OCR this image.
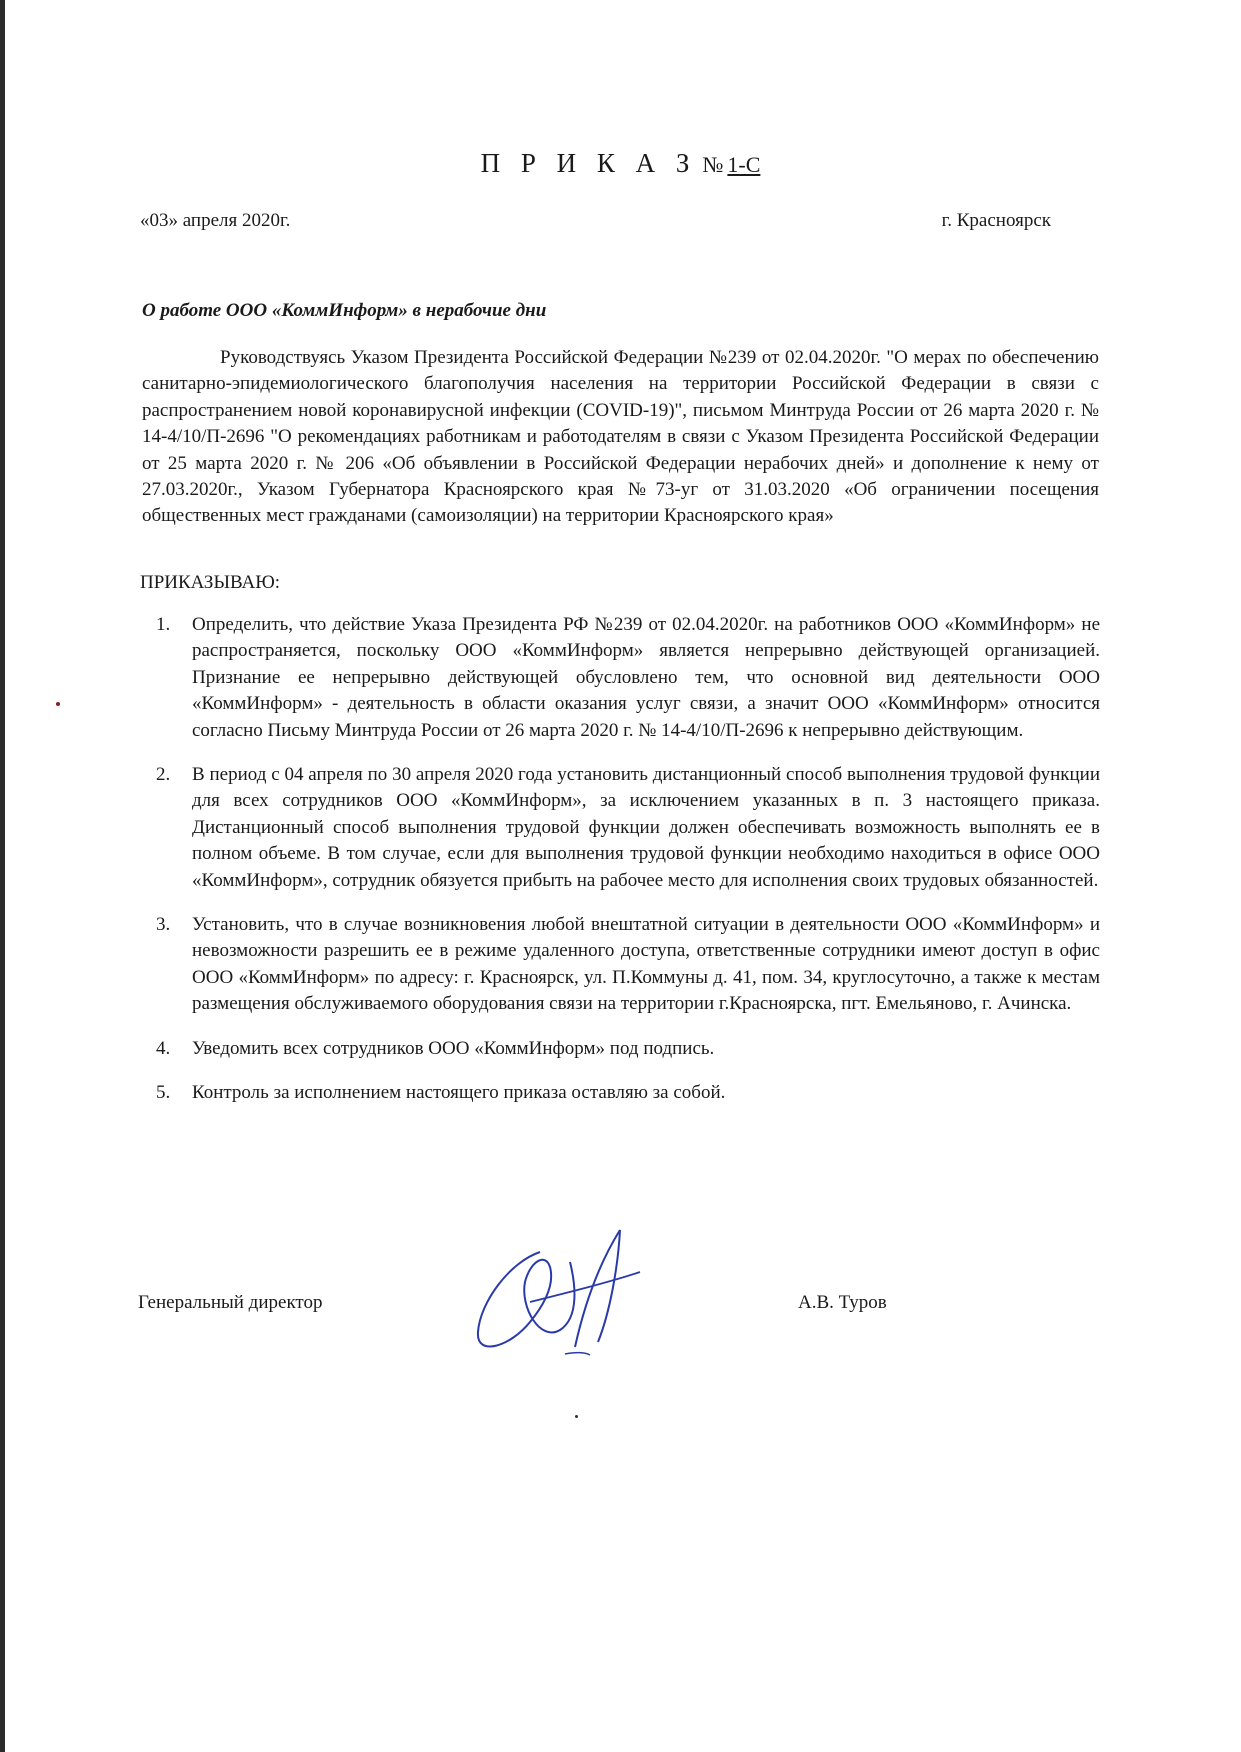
П Р И К А З № 1-С
«03» апреля 2020г.	г. Красноярск
О работе ООО «КоммИнформ» в нерабочие дни

Руководствуясь Указом Президента Российской Федерации №239 от 02.04.2020г. "О мерах по обеспечению санитарно-эпидемиологического благополучия населения на территории Российской Федерации в связи с распространением новой коронавирусной инфекции (COVID-19)", письмом Минтруда России от 26 марта 2020 г. № 14-4/10/П-2696 "О рекомендациях работникам и работодателям в связи с Указом Президента Российской Федерации от 25 марта 2020 г. № 206 «Об объявлении в Российской Федерации нерабочих дней» и дополнение к нему от 27.03.2020г., Указом Губернатора Красноярского края №73-уг от 31.03.2020 «Об ограничении посещения общественных мест гражданами (самоизоляции) на территории Красноярского края»

ПРИКАЗЫВАЮ:
1.	Определить, что действие Указа Президента РФ №239 от 02.04.2020г. на работников ООО «КоммИнформ» не распространяется, поскольку ООО «КоммИнформ» является непрерывно действующей организацией. Признание ее непрерывно действующей обусловлено тем, что основной вид деятельности ООО «КоммИнформ» - деятельность в области оказания услуг связи, а значит ООО «КоммИнформ» относится согласно Письму Минтруда России от 26 марта 2020 г. № 14-4/10/П-2696 к непрерывно действующим.
2.	В период с 04 апреля по 30 апреля 2020 года установить дистанционный способ выполнения трудовой функции для всех сотрудников ООО «КоммИнформ», за исключением указанных в п. 3 настоящего приказа. Дистанционный способ выполнения трудовой функции должен обеспечивать возможность выполнять ее в полном объеме. В том случае, если для выполнения трудовой функции необходимо находиться в офисе ООО «КоммИнформ», сотрудник обязуется прибыть на рабочее место для исполнения своих трудовых обязанностей.
3.	Установить, что в случае возникновения любой внештатной ситуации в деятельности ООО «КоммИнформ» и невозможности разрешить ее в режиме удаленного доступа, ответственные сотрудники имеют доступ в офис ООО «КоммИнформ» по адресу: г. Красноярск, ул. П.Коммуны д. 41, пом. 34, круглосуточно, а также к местам размещения обслуживаемого оборудования связи на территории г.Красноярска, пгт. Емельяново, г. Ачинска.
4.	Уведомить всех сотрудников ООО «КоммИнформ» под подпись.
5.	Контроль за исполнением настоящего приказа оставляю за собой.
Генеральный директор	А.В. Туров
